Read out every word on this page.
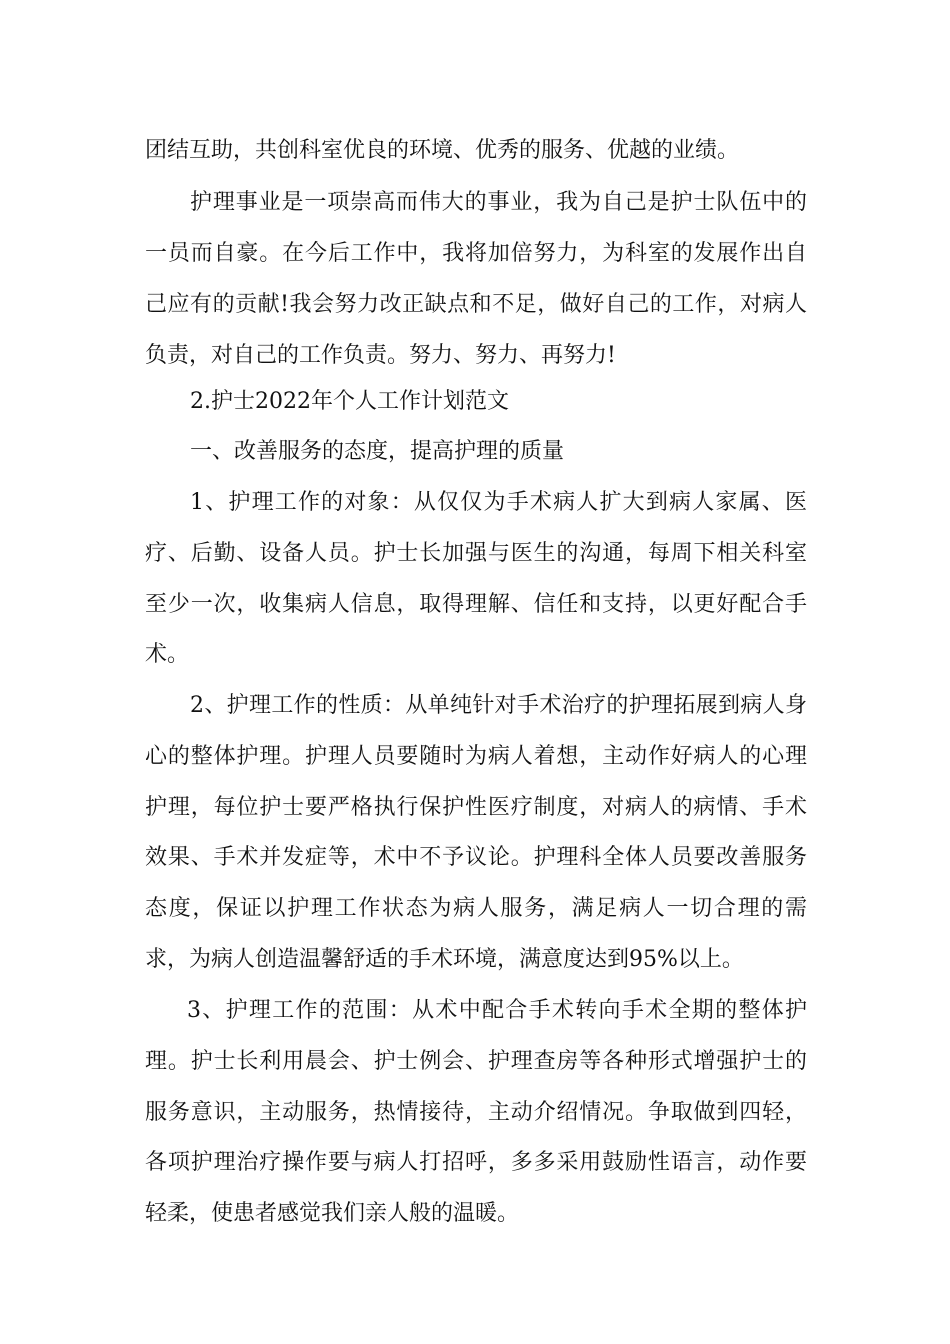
团结互助，共创科室优良的环境、优秀的服务、优越的业绩。
护理事业是一项崇高而伟大的事业，我为自己是护士队伍中的
一员而自豪。在今后工作中，我将加倍努力，为科室的发展作出自
己应有的贡献!我会努力改正缺点和不足，做好自己的工作，对病人
负责，对自己的工作负责。努力、努力、再努力!
2.护士2022年个人工作计划范文
一、改善服务的态度，提高护理的质量
1、护理工作的对象：从仅仅为手术病人扩大到病人家属、医
疗、后勤、设备人员。护士长加强与医生的沟通，每周下相关科室
至少一次，收集病人信息，取得理解、信任和支持，以更好配合手
术。
2、护理工作的性质：从单纯针对手术治疗的护理拓展到病人身
心的整体护理。护理人员要随时为病人着想，主动作好病人的心理
护理，每位护士要严格执行保护性医疗制度，对病人的病情、手术
效果、手术并发症等，术中不予议论。护理科全体人员要改善服务
态度，保证以护理工作状态为病人服务，满足病人一切合理的需
求，为病人创造温馨舒适的手术环境，满意度达到95%以上。
3、护理工作的范围：从术中配合手术转向手术全期的整体护
理。护士长利用晨会、护士例会、护理查房等各种形式增强护士的
服务意识，主动服务，热情接待，主动介绍情况。争取做到四轻，
各项护理治疗操作要与病人打招呼，多多采用鼓励性语言，动作要
轻柔，使患者感觉我们亲人般的温暖。
